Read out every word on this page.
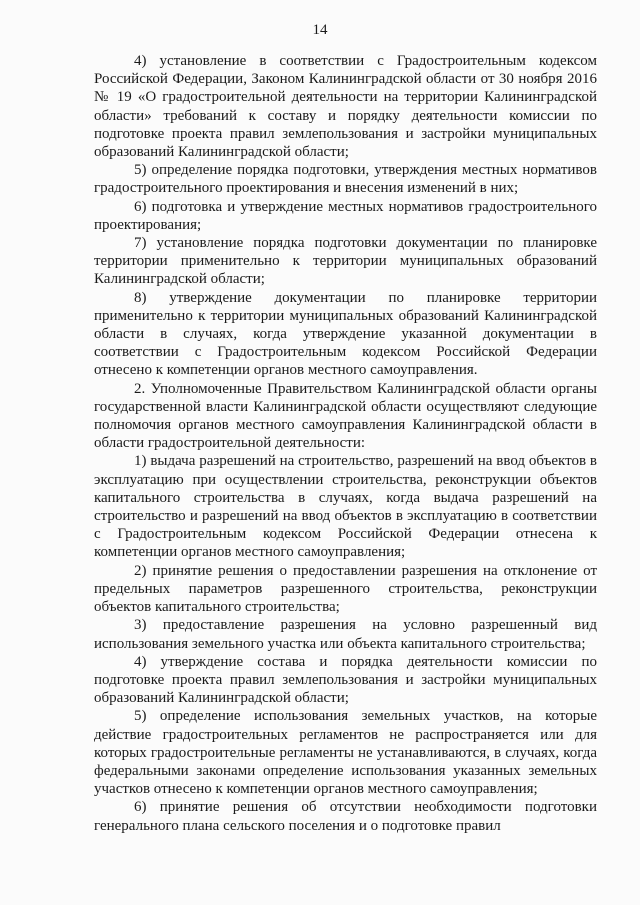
14

4) установление в соответствии с Градостроительным кодексом Российской Федерации, Законом Калининградской области от 30 ноября 2016 № 19 «О градостроительной деятельности на территории Калининградской области» требований к составу и порядку деятельности комиссии по подготовке проекта правил землепользования и застройки муниципальных образований Калининградской области;

5) определение порядка подготовки, утверждения местных нормативов градостроительного проектирования и внесения изменений в них;

6) подготовка и утверждение местных нормативов градостроительного проектирования;

7) установление порядка подготовки документации по планировке территории применительно к территории муниципальных образований Калининградской области;

8) утверждение документации по планировке территории применительно к территории муниципальных образований Калининградской области в случаях, когда утверждение указанной документации в соответствии с Градостроительным кодексом Российской Федерации отнесено к компетенции органов местного самоуправления.

2. Уполномоченные Правительством Калининградской области органы государственной власти Калининградской области осуществляют следующие полномочия органов местного самоуправления Калининградской области в области градостроительной деятельности:

1) выдача разрешений на строительство, разрешений на ввод объектов в эксплуатацию при осуществлении строительства, реконструкции объектов капитального строительства в случаях, когда выдача разрешений на строительство и разрешений на ввод объектов в эксплуатацию в соответствии с Градостроительным кодексом Российской Федерации отнесена к компетенции органов местного самоуправления;

2) принятие решения о предоставлении разрешения на отклонение от предельных параметров разрешенного строительства, реконструкции объектов капитального строительства;

3) предоставление разрешения на условно разрешенный вид использования земельного участка или объекта капитального строительства;

4) утверждение состава и порядка деятельности комиссии по подготовке проекта правил землепользования и застройки муниципальных образований Калининградской области;

5) определение использования земельных участков, на которые действие градостроительных регламентов не распространяется или для которых градостроительные регламенты не устанавливаются, в случаях, когда федеральными законами определение использования указанных земельных участков отнесено к компетенции органов местного самоуправления;

6) принятие решения об отсутствии необходимости подготовки генерального плана сельского поселения и о подготовке правил
